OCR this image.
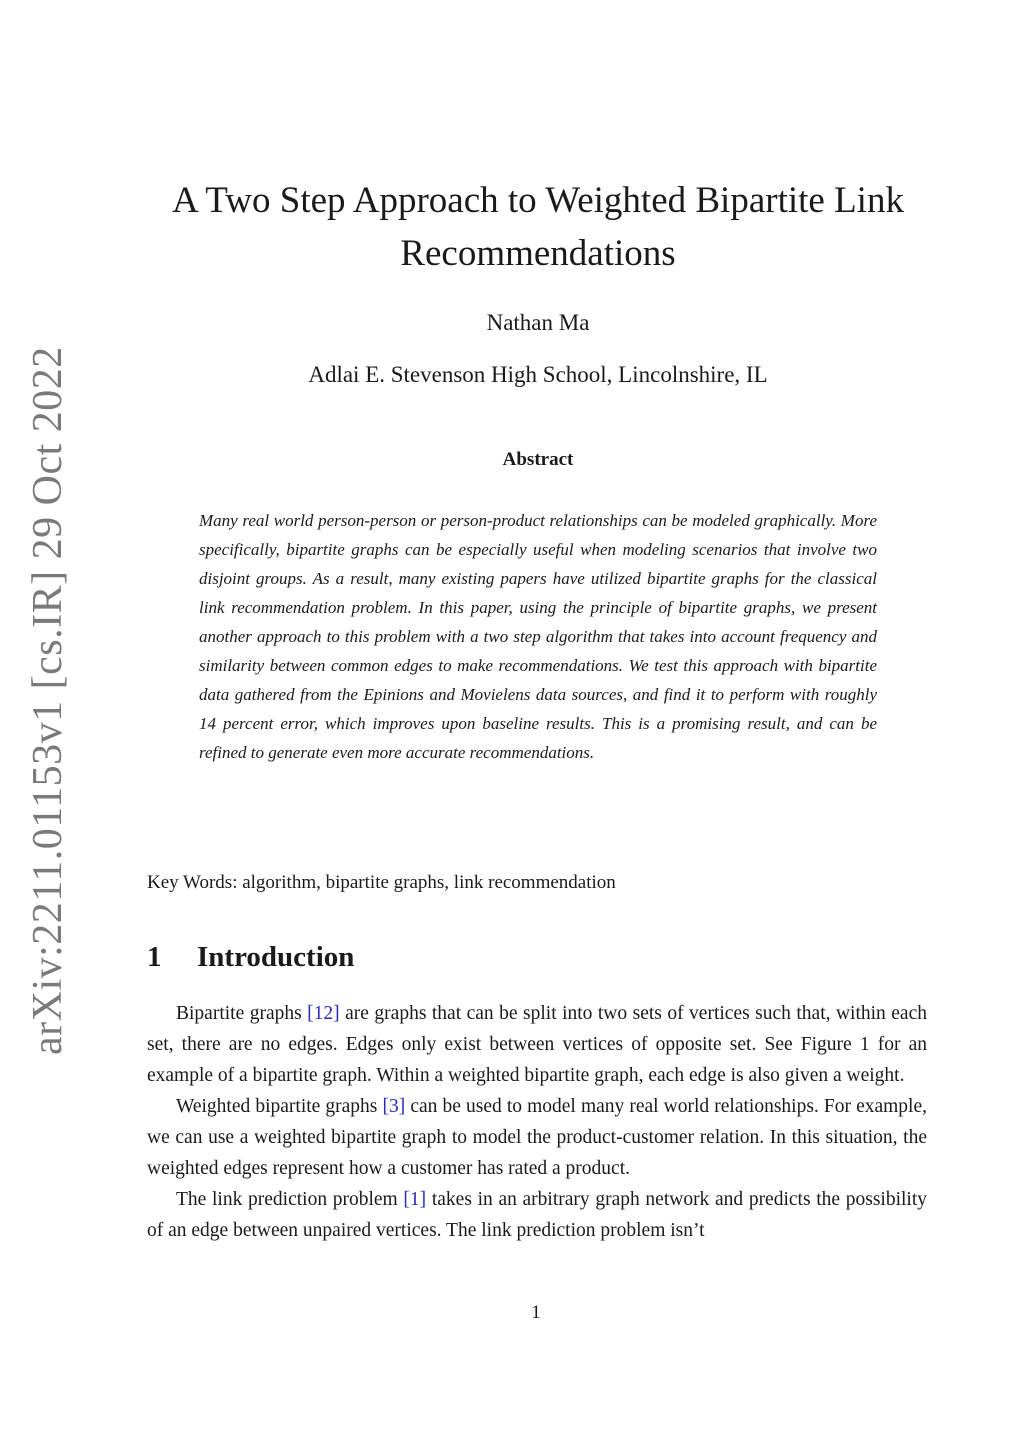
arXiv:2211.01153v1 [cs.IR] 29 Oct 2022
A Two Step Approach to Weighted Bipartite Link Recommendations

Nathan Ma

Adlai E. Stevenson High School, Lincolnshire, IL

Abstract

Many real world person-person or person-product relationships can be modeled graphically. More specifically, bipartite graphs can be especially useful when modeling scenarios that involve two disjoint groups. As a result, many existing papers have utilized bipartite graphs for the classical link recommendation problem. In this paper, using the principle of bipartite graphs, we present another approach to this problem with a two step algorithm that takes into account frequency and similarity between common edges to make recommendations. We test this approach with bipartite data gathered from the Epinions and Movielens data sources, and find it to perform with roughly 14 percent error, which improves upon baseline results. This is a promising result, and can be refined to generate even more accurate recommendations.

Key Words: algorithm, bipartite graphs, link recommendation

1 Introduction

Bipartite graphs [12] are graphs that can be split into two sets of vertices such that, within each set, there are no edges. Edges only exist between vertices of opposite set. See Figure 1 for an example of a bipartite graph. Within a weighted bipartite graph, each edge is also given a weight.

Weighted bipartite graphs [3] can be used to model many real world relationships. For example, we can use a weighted bipartite graph to model the product-customer relation. In this situation, the weighted edges represent how a customer has rated a product.

The link prediction problem [1] takes in an arbitrary graph network and predicts the possibility of an edge between unpaired vertices. The link prediction problem isn’t

1
